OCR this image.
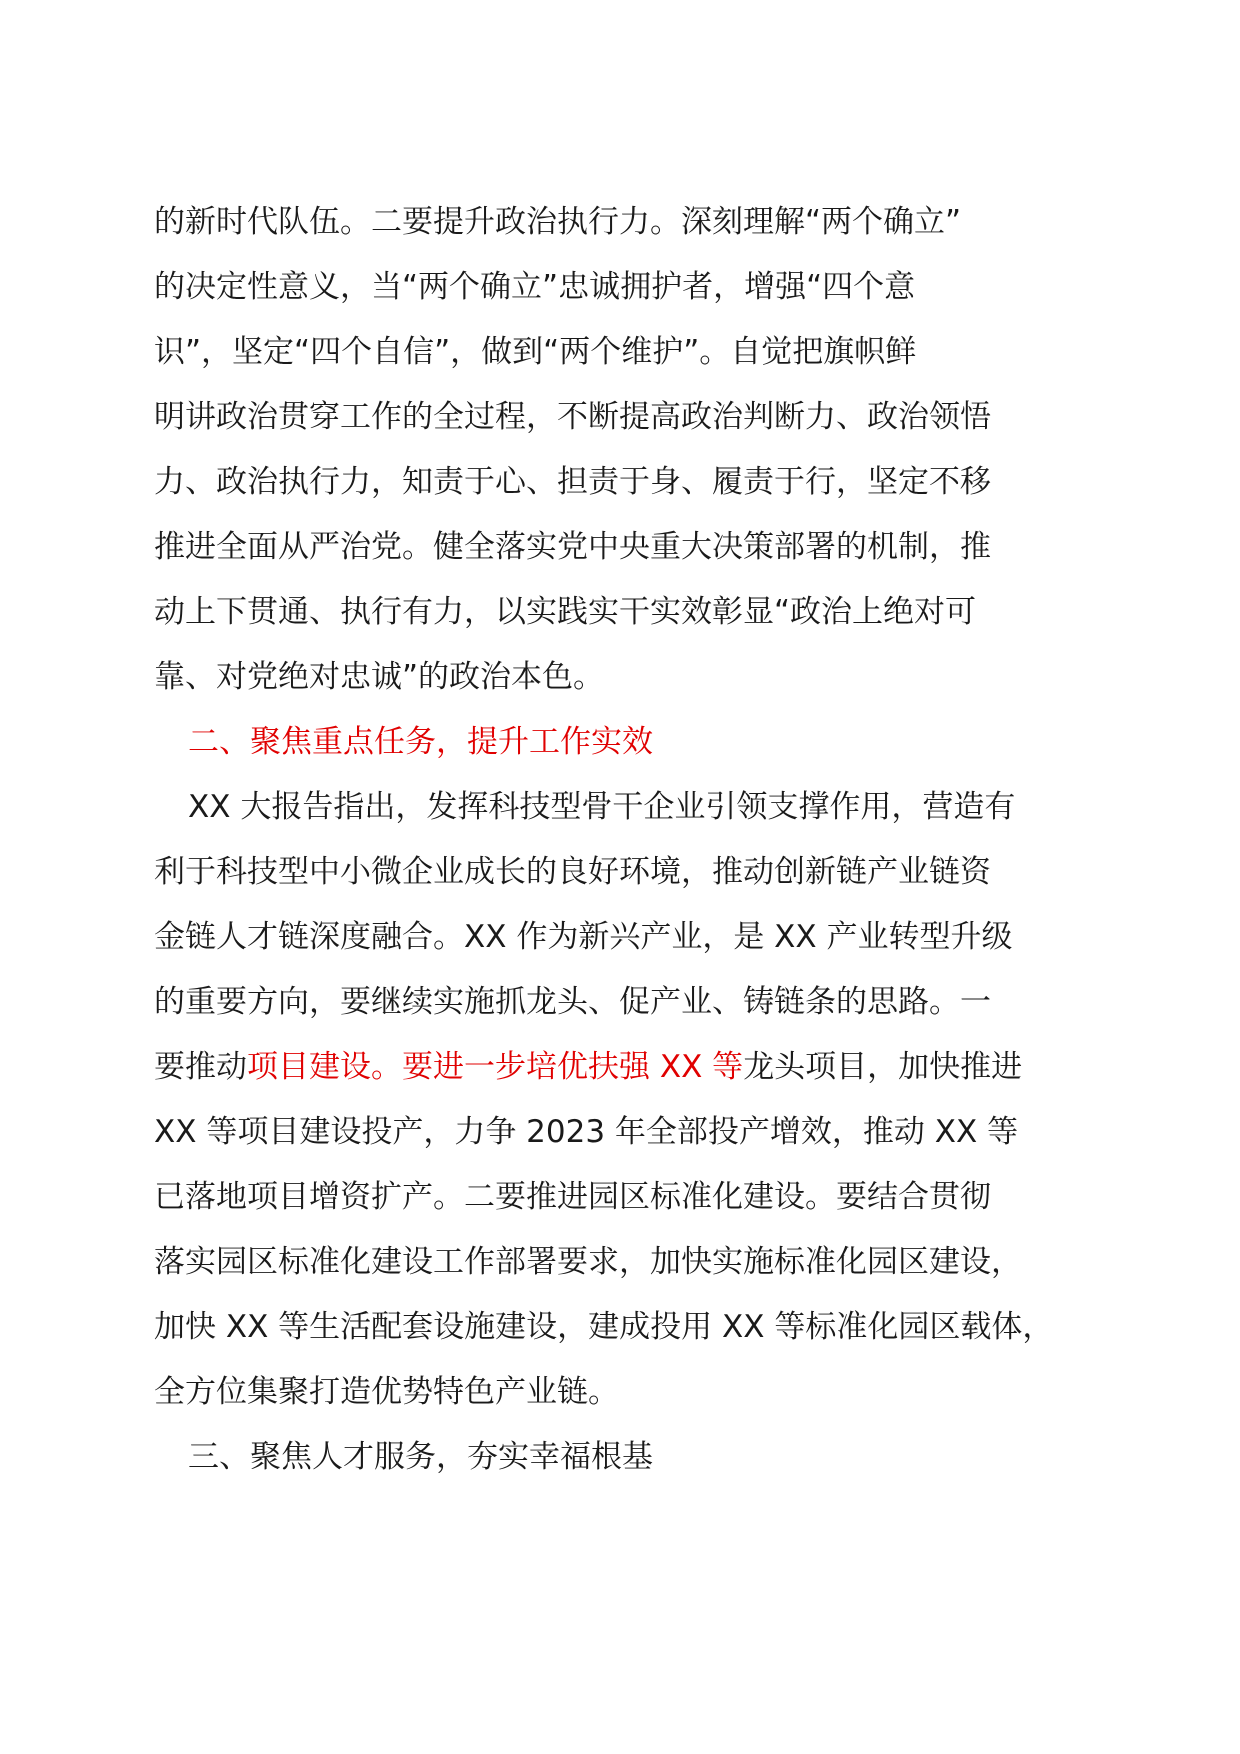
的新时代队伍。二要提升政治执行力。深刻理解“两个确立”
的决定性意义，当“两个确立”忠诚拥护者，增强“四个意
识”，坚定“四个自信”，做到“两个维护”。自觉把旗帜鲜
明讲政治贯穿工作的全过程，不断提高政治判断力、政治领悟
力、政治执行力，知责于心、担责于身、履责于行，坚定不移
推进全面从严治党。健全落实党中央重大决策部署的机制，推
动上下贯通、执行有力，以实践实干实效彰显“政治上绝对可
靠、对党绝对忠诚”的政治本色。
二、聚焦重点任务，提升工作实效
XX 大报告指出，发挥科技型骨干企业引领支撑作用，营造有
利于科技型中小微企业成长的良好环境，推动创新链产业链资
金链人才链深度融合。XX 作为新兴产业，是 XX 产业转型升级
的重要方向，要继续实施抓龙头、促产业、铸链条的思路。一
要推动项目建设。要进一步培优扶强 XX 等龙头项目，加快推进
XX 等项目建设投产，力争 2023 年全部投产增效，推动 XX 等
已落地项目增资扩产。二要推进园区标准化建设。要结合贯彻
落实园区标准化建设工作部署要求，加快实施标准化园区建设，
加快 XX 等生活配套设施建设，建成投用 XX 等标准化园区载体，
全方位集聚打造优势特色产业链。
三、聚焦人才服务，夯实幸福根基
